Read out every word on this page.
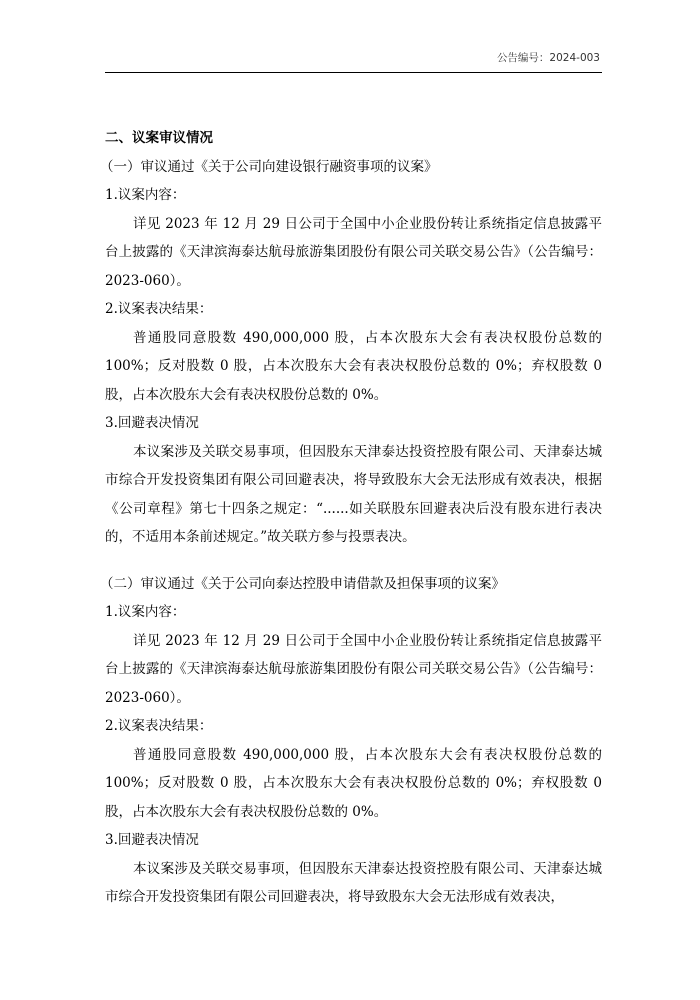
公告编号：2024-003

二、议案审议情况

（一）审议通过《关于公司向建设银行融资事项的议案》

1.议案内容：

详见 2023 年 12 月 29 日公司于全国中小企业股份转让系统指定信息披露平台上披露的《天津滨海泰达航母旅游集团股份有限公司关联交易公告》（公告编号：2023-060）。

2.议案表决结果：

普通股同意股数 490,000,000 股，占本次股东大会有表决权股份总数的 100%；反对股数 0 股，占本次股东大会有表决权股份总数的 0%；弃权股数 0 股，占本次股东大会有表决权股份总数的 0%。

3.回避表决情况

本议案涉及关联交易事项，但因股东天津泰达投资控股有限公司、天津泰达城市综合开发投资集团有限公司回避表决，将导致股东大会无法形成有效表决，根据《公司章程》第七十四条之规定：“......如关联股东回避表决后没有股东进行表决的，不适用本条前述规定。”故关联方参与投票表决。

（二）审议通过《关于公司向泰达控股申请借款及担保事项的议案》

1.议案内容：

详见 2023 年 12 月 29 日公司于全国中小企业股份转让系统指定信息披露平台上披露的《天津滨海泰达航母旅游集团股份有限公司关联交易公告》（公告编号：2023-060）。

2.议案表决结果：

普通股同意股数 490,000,000 股，占本次股东大会有表决权股份总数的 100%；反对股数 0 股，占本次股东大会有表决权股份总数的 0%；弃权股数 0 股，占本次股东大会有表决权股份总数的 0%。

3.回避表决情况

本议案涉及关联交易事项，但因股东天津泰达投资控股有限公司、天津泰达城市综合开发投资集团有限公司回避表决，将导致股东大会无法形成有效表决，
